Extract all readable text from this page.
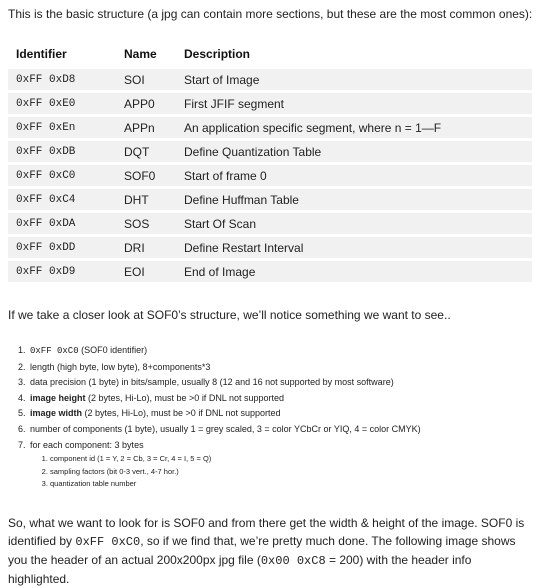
This is the basic structure (a jpg can contain more sections, but these are the most common ones):
Identifier	Name	Description
0xFF 0xD8	SOI	Start of Image
0xFF 0xE0	APP0	First JFIF segment
0xFF 0xEn	APPn	An application specific segment, where n = 1—F
0xFF 0xDB	DQT	Define Quantization Table
0xFF 0xC0	SOF0	Start of frame 0
0xFF 0xC4	DHT	Define Huffman Table
0xFF 0xDA	SOS	Start Of Scan
0xFF 0xDD	DRI	Define Restart Interval
0xFF 0xD9	EOI	End of Image
If we take a closer look at SOF0’s structure, we’ll notice something we want to see..
1. 0xFF 0xC0 (SOF0 identifier)
2. length (high byte, low byte), 8+components*3
3. data precision (1 byte) in bits/sample, usually 8 (12 and 16 not supported by most software)
4. image height (2 bytes, Hi-Lo), must be >0 if DNL not supported
5. image width (2 bytes, Hi-Lo), must be >0 if DNL not supported
6. number of components (1 byte), usually 1 = grey scaled, 3 = color YCbCr or YIQ, 4 = color CMYK)
7. for each component: 3 bytes
1. component id (1 = Y, 2 = Cb, 3 = Cr, 4 = I, 5 = Q)
2. sampling factors (bit 0-3 vert., 4-7 hor.)
3. quantization table number
So, what we want to look for is SOF0 and from there get the width & height of the image. SOF0 is identified by 0xFF 0xC0, so if we find that, we’re pretty much done. The following image shows you the header of an actual 200x200px jpg file (0x00 0xC8 = 200) with the header info highlighted.
